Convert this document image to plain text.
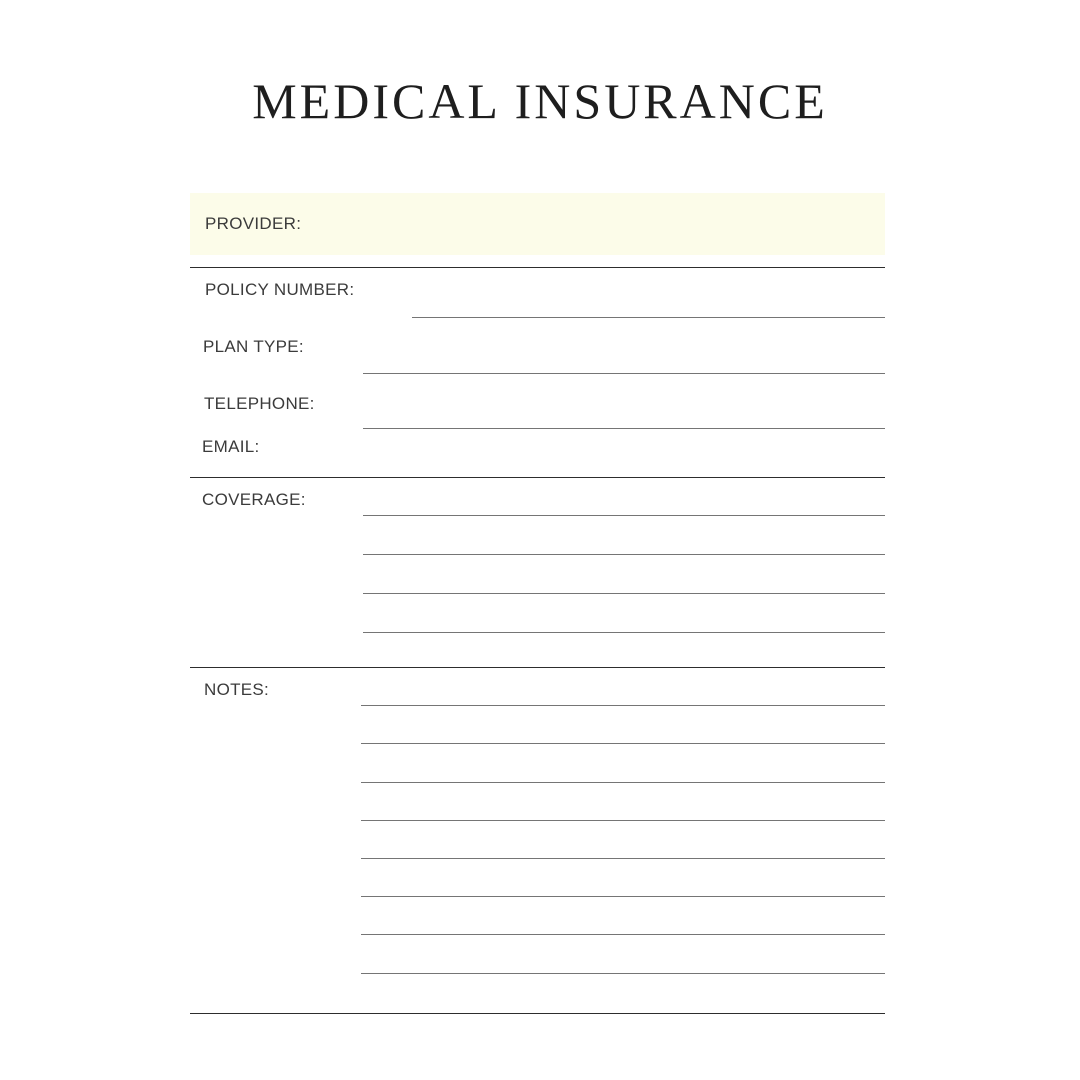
MEDICAL INSURANCE
PROVIDER:
POLICY NUMBER:
PLAN TYPE:
TELEPHONE:
EMAIL:
COVERAGE:
NOTES:
